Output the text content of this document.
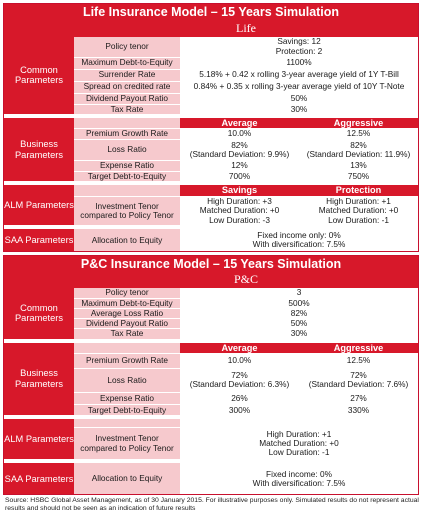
Life Insurance Model – 15 Years Simulation
	Life		
Common Parameters	Policy tenor	Savings: 12
Protection: 2	
	Maximum Debt-to-Equity	1100%	
	Surrender Rate	5.18% + 0.42 x rolling 3-year average yield of 1Y T-Bill	
	Spread on credited rate	0.84% + 0.35 x rolling 3-year average yield of 10Y T-Note	
	Dividend Payout Ratio	50%	
	Tax Rate	30%	
Business Parameters		Average	Aggressive
	Premium Growth Rate	10.0%	12.5%
	Loss Ratio	82%
(Standard Deviation: 9.9%)	82%
(Standard Deviation: 11.9%)
	Expense Ratio	12%	13%
	Target Debt-to-Equity	700%	750%
ALM Parameters		Savings	Protection
	Investment Tenor
compared to Policy Tenor	High Duration: +3
Matched Duration: +0
Low Duration: -3	High Duration: +1
Matched Duration: +0
Low Duration: -1
SAA Parameters	Allocation to Equity	Fixed income only: 0%
With diversification: 7.5%	
P&C Insurance Model – 15 Years Simulation
	P&C		
Common Parameters	Policy tenor	3	
	Maximum Debt-to-Equity	500%	
	Average Loss Ratio	82%	
	Dividend Payout Ratio	50%	
	Tax Rate	30%	
Business Parameters		Average	Aggressive
	Premium Growth Rate	10.0%	12.5%
	Loss Ratio	72%
(Standard Deviation: 6.3%)	72%
(Standard Deviation: 7.6%)
	Expense Ratio	26%	27%
	Target Debt-to-Equity	300%	330%
ALM Parameters			
	Investment Tenor
compared to Policy Tenor	High Duration: +1
Matched Duration: +0
Low Duration: -1	
SAA Parameters	Allocation to Equity	Fixed income: 0%
With diversification: 7.5%	
Source: HSBC Global Asset Management, as of 30 January 2015. For illustrative purposes only. Simulated results do not represent actual results and should not be seen as an indication of future results
